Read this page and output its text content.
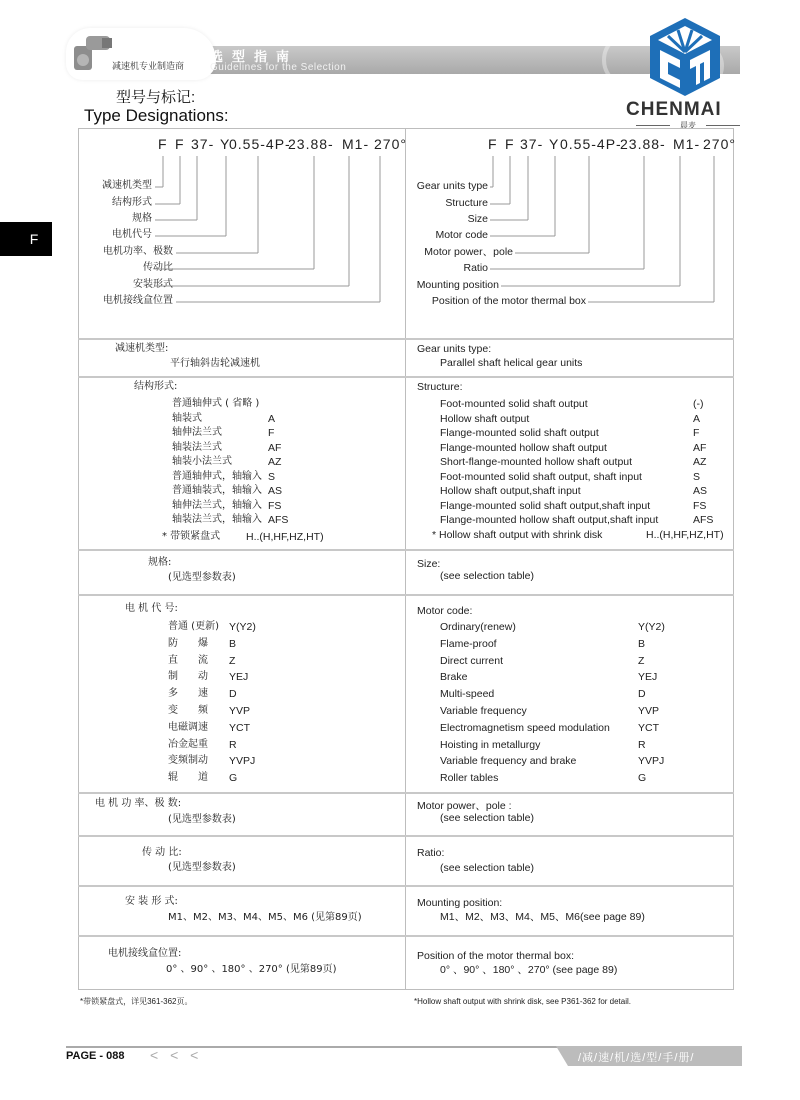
减速机专业制造商
选型指南
Guidelines for the Selection
CHENMAI
晨麦
型号与标记:
Type Designations:
F
F F 37- Y
0.55-4P-
23.88- M1- 270°	F F 37- Y 0.55-4P-
23.88- M1- 270°
减速机类型
结构形式
规格
电机代号
电机功率、极数
传动比
安装形式
电机接线盒位置
Gear units type
Structure
Size
Motor code
Motor power、pole
Ratio
Mounting position
Position of the motor thermal box
减速机类型:
平行轴斜齿轮减速机
Gear units type:
Parallel shaft helical gear units
结构形式:	Structure:
普通轴伸式 ( 省略 )	Foot-mounted solid shaft output	(-)
轴装式	A	Hollow shaft output	A
轴伸法兰式	F	Flange-mounted solid shaft output	F
轴装法兰式	AF	Flange-mounted hollow shaft output	AF
轴装小法兰式	AZ	Short-flange-mounted hollow shaft output	AZ
普通轴伸式，轴输入 S	Foot-mounted solid shaft output, shaft input	S
普通轴装式，轴输入 AS	Hollow shaft output,shaft input	AS
轴伸法兰式，轴输入 FS	Flange-mounted solid shaft output,shaft input	FS
轴装法兰式，轴输入 AFS	Flange-mounted hollow shaft output,shaft input	AFS
* 带锁紧盘式 H..(H,HF,HZ,HT)	* Hollow shaft output with shrink disk	H..(H,HF,HZ,HT)
规格:
(见选型参数表)
Size:
(see selection table)
电 机 代 号:	Motor code:
普通 (更新) Y(Y2)	Ordinary(renew)	Y(Y2)
防　　爆 B	Flame-proof	B
直　　流 Z	Direct current	Z
制　　动 YEJ	Brake	YEJ
多　　速 D	Multi-speed	D
变　　频 YVP	Variable frequency	YVP
电磁调速 YCT	Electromagnetism speed modulation	YCT
冶金起重 R	Hoisting in metallurgy	R
变频制动 YVPJ	Variable frequency and brake	YVPJ
辊　　道 G	Roller tables	G
电 机 功 率、极 数:
(见选型参数表)
Motor power、pole :
(see selection table)
传 动 比:
(见选型参数表)
Ratio:
(see selection table)
安 装 形 式:
M1、M2、M3、M4、M5、M6 (见第89页)
Mounting position:
M1、M2、M3、M4、M5、M6(see page 89)
电机接线盒位置:
0° 、90° 、180° 、270° (见第89页)
Position of the motor thermal box:
0° 、90° 、180° 、270° (see page 89)
*带锁紧盘式，详见361-362页。	*Hollow shaft output with shrink disk, see P361-362 for detail.
PAGE - 088 < < <	/减/速/机/选/型/手/册/
